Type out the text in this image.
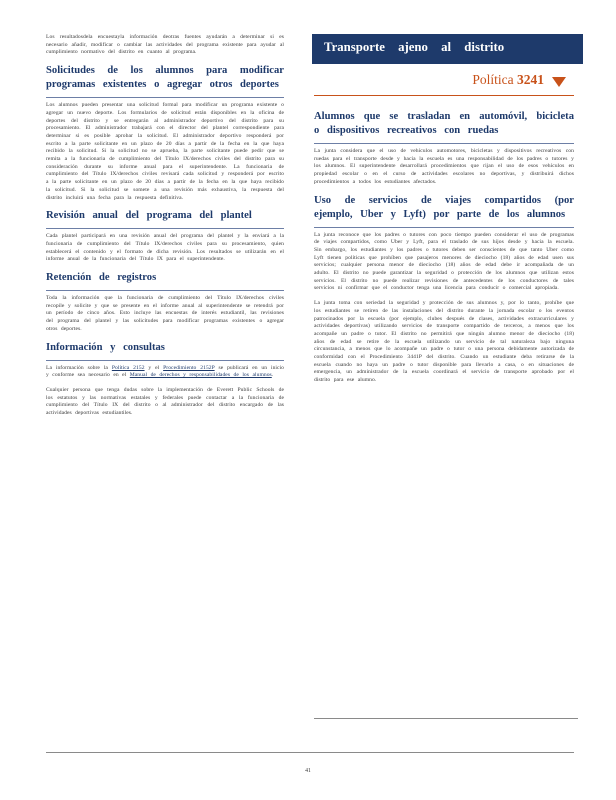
Los resultadosdela encuestayla información deotras fuentes ayudarán a determinar si es necesario añadir, modificar o cambiar las actividades del programa existente para ayudar al cumplimiento normativo del distrito en cuanto al programa.

Solicitudes de los alumnos para modificar programas existentes o agregar otros deportes

Los alumnos pueden presentar una solicitud formal para modificar un programa existente o agregar un nuevo deporte. Los formularios de solicitud están disponibles en la oficina de deportes del distrito y se entregarán al administrador deportivo del distrito para su procesamiento. El administrador trabajará con el director del plantel correspondiente para determinar si es posible aprobar la solicitud. El administrador deportivo responderá por escrito a la parte solicitante en un plazo de 20 días a partir de la fecha en la que haya recibido la solicitud. Si la solicitud no se aprueba, la parte solicitante puede pedir que se remita a la funcionaria de cumplimiento del Título IX/derechos civiles del distrito para su consideración durante su informe anual para el superintendente. La funcionaria de cumplimiento del Título IX/derechos civiles revisará cada solicitud y responderá por escrito a la parte solicitante en un plazo de 20 días a partir de la fecha en la que haya recibido la solicitud. Si la solicitud se somete a una revisión más exhaustiva, la respuesta del distrito incluirá una fecha para la respuesta definitiva.

Revisión anual del programa del plantel

Cada plantel participará en una revisión anual del programa del plantel y la enviará a la funcionaria de cumplimiento del Título IX/derechos civiles para su procesamiento, quien establecerá el contenido y el formato de dicha revisión. Los resultados se utilizarán en el informe anual de la funcionaria del Título IX para el superintendente.

Retención de registros

Toda la información que la funcionaria de cumplimiento del Título IX/derechos civiles recopile y solicite y que se presente en el informe anual al superintendente se retendrá por un período de cinco años. Esto incluye las encuestas de interés estudiantil, las revisiones del programa del plantel y las solicitudes para modificar programas existentes o agregar otros deportes.

Información y consultas

La información sobre la Política 2152 y el Procedimiento 2152P se publicará en un inicio y conforme sea necesario en el Manual de derechos y responsabilidades de los alumnos.

Cualquier persona que tenga dudas sobre la implementación de Everett Public Schools de los estatutos y las normativas estatales y federales puede contactar a la funcionaria de cumplimiento del Título IX del distrito o al administrador del distrito encargado de las actividades deportivas estudiantiles.

Transporte ajeno al distrito
Política 3241
Alumnos que se trasladan en automóvil, bicicleta o dispositivos recreativos con ruedas

La junta considera que el uso de vehículos automotores, bicicletas y dispositivos recreativos con ruedas para el transporte desde y hacia la escuela es una responsabilidad de los padres o tutores y los alumnos. El superintendente desarrollará procedimientos que rijan el uso de esos vehículos en propiedad escolar o en el curso de actividades escolares no deportivas, y distribuirá dichos procedimientos a todos los estudiantes afectados.

Uso de servicios de viajes compartidos (por ejemplo, Uber y Lyft) por parte de los alumnos

La junta reconoce que los padres o tutores con poco tiempo pueden considerar el uso de programas de viajes compartidos, como Uber y Lyft, para el traslado de sus hijos desde y hacia la escuela. Sin embargo, los estudiantes y los padres o tutores deben ser conscientes de que tanto Uber como Lyft tienen políticas que prohíben que pasajeros menores de dieciocho (18) años de edad usen sus servicios; cualquier persona menor de dieciocho (18) años de edad debe ir acompañada de un adulto. El distrito no puede garantizar la seguridad o protección de los alumnos que utilizan estos servicios. El distrito no puede realizar revisiones de antecedentes de los conductores de tales servicios ni confirmar que el conductor tenga una licencia para conducir o comercial apropiada.

La junta toma con seriedad la seguridad y protección de sus alumnos y, por lo tanto, prohíbe que los estudiantes se retiren de las instalaciones del distrito durante la jornada escolar o los eventos patrocinados por la escuela (por ejemplo, clubes después de clases, actividades extracurriculares y actividades deportivas) utilizando servicios de transporte compartido de terceros, a menos que los acompañe un padre o tutor. El distrito no permitirá que ningún alumno menor de dieciocho (18) años de edad se retire de la escuela utilizando un servicio de tal naturaleza bajo ninguna circunstancia, a menos que lo acompañe un padre o tutor o una persona debidamente autorizada de conformidad con el Procedimiento 3441P del distrito. Cuando un estudiante deba retirarse de la escuela cuando no haya un padre o tutor disponible para llevarlo a casa, o en situaciones de emergencia, un administrador de la escuela coordinará el servicio de transporte aprobado por el distrito para ese alumno.

41
